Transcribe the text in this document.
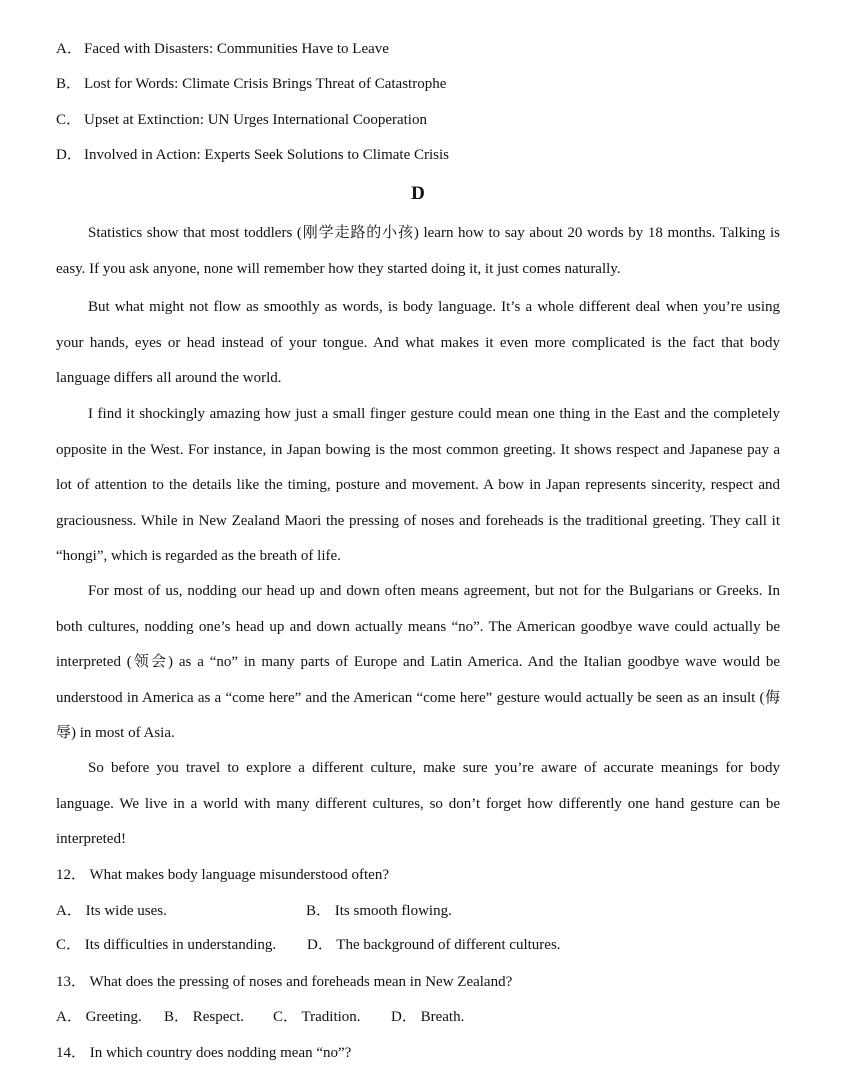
A． Faced with Disasters: Communities Have to Leave
B． Lost for Words: Climate Crisis Brings Threat of Catastrophe
C． Upset at Extinction: UN Urges International Cooperation
D． Involved in Action: Experts Seek Solutions to Climate Crisis
D
Statistics show that most toddlers (刚学走路的小孩) learn how to say about 20 words by 18 months. Talking is easy. If you ask anyone, none will remember how they started doing it, it just comes naturally.
But what might not flow as smoothly as words, is body language. It’s a whole different deal when you’re using your hands, eyes or head instead of your tongue. And what makes it even more complicated is the fact that body language differs all around the world.
I find it shockingly amazing how just a small finger gesture could mean one thing in the East and the completely opposite in the West. For instance, in Japan bowing is the most common greeting. It shows respect and Japanese pay a lot of attention to the details like the timing, posture and movement. A bow in Japan represents sincerity, respect and graciousness. While in New Zealand Maori the pressing of noses and foreheads is the traditional greeting. They call it “hongi”, which is regarded as the breath of life.
For most of us, nodding our head up and down often means agreement, but not for the Bulgarians or Greeks. In both cultures, nodding one’s head up and down actually means “no”. The American goodbye wave could actually be interpreted (领会) as a “no” in many parts of Europe and Latin America. And the Italian goodbye wave would be understood in America as a “come here” and the American “come here” gesture would actually be seen as an insult (侮辱) in most of Asia.
So before you travel to explore a different culture, make sure you’re aware of accurate meanings for body language. We live in a world with many different cultures, so don’t forget how differently one hand gesture can be interpreted!
12． What makes body language misunderstood often?
A． Its wide uses.	B． Its smooth flowing.
C． Its difficulties in understanding. D． The background of different cultures.
13． What does the pressing of noses and foreheads mean in New Zealand?
A． Greeting. B． Respect. C． Tradition. D． Breath.
14． In which country does nodding mean “no”?
